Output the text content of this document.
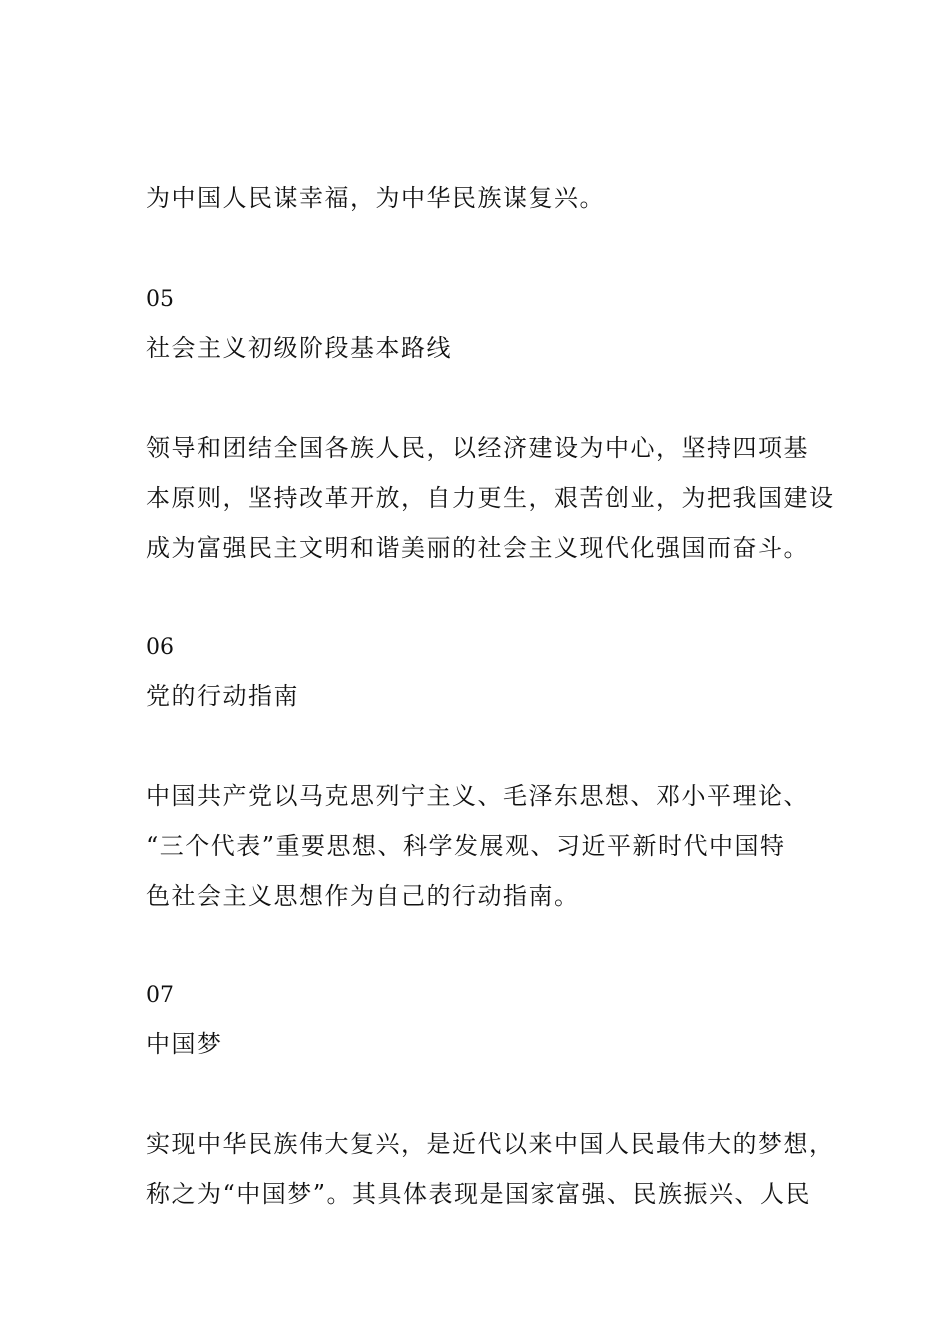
为中国人民谋幸福，为中华民族谋复兴。
05
社会主义初级阶段基本路线
领导和团结全国各族人民，以经济建设为中心，坚持四项基
本原则，坚持改革开放，自力更生，艰苦创业，为把我国建设
成为富强民主文明和谐美丽的社会主义现代化强国而奋斗。
06
党的行动指南
中国共产党以马克思列宁主义、毛泽东思想、邓小平理论、
“三个代表”重要思想、科学发展观、习近平新时代中国特
色社会主义思想作为自己的行动指南。
07
中国梦
实现中华民族伟大复兴，是近代以来中国人民最伟大的梦想，
称之为“中国梦”。其具体表现是国家富强、民族振兴、人民
